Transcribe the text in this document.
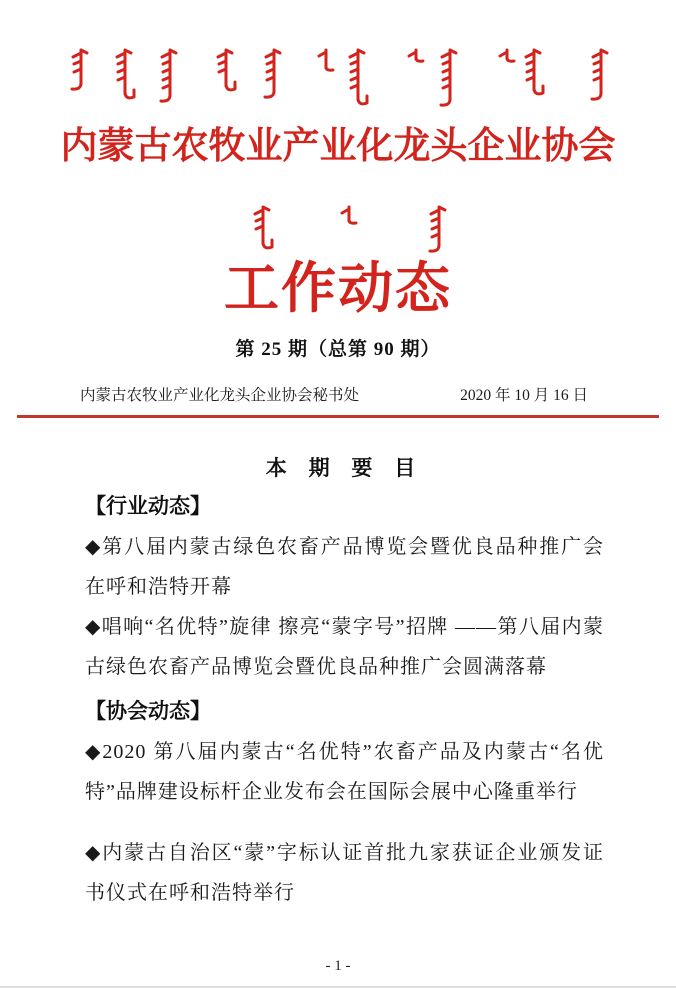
内蒙古农牧业产业化龙头企业协会
工作动态
第 25 期（总第 90 期）
内蒙古农牧业产业化龙头企业协会秘书处	2020 年 10 月 16 日
本 期 要 目
【行业动态】

◆第八届内蒙古绿色农畜产品博览会暨优良品种推广会在呼和浩特开幕

◆唱响“名优特”旋律 擦亮“蒙字号”招牌 ——第八届内蒙古绿色农畜产品博览会暨优良品种推广会圆满落幕

【协会动态】

◆2020 第八届内蒙古“名优特”农畜产品及内蒙古“名优特”品牌建设标杆企业发布会在国际会展中心隆重举行

◆内蒙古自治区“蒙”字标认证首批九家获证企业颁发证书仪式在呼和浩特举行

- 1 -
